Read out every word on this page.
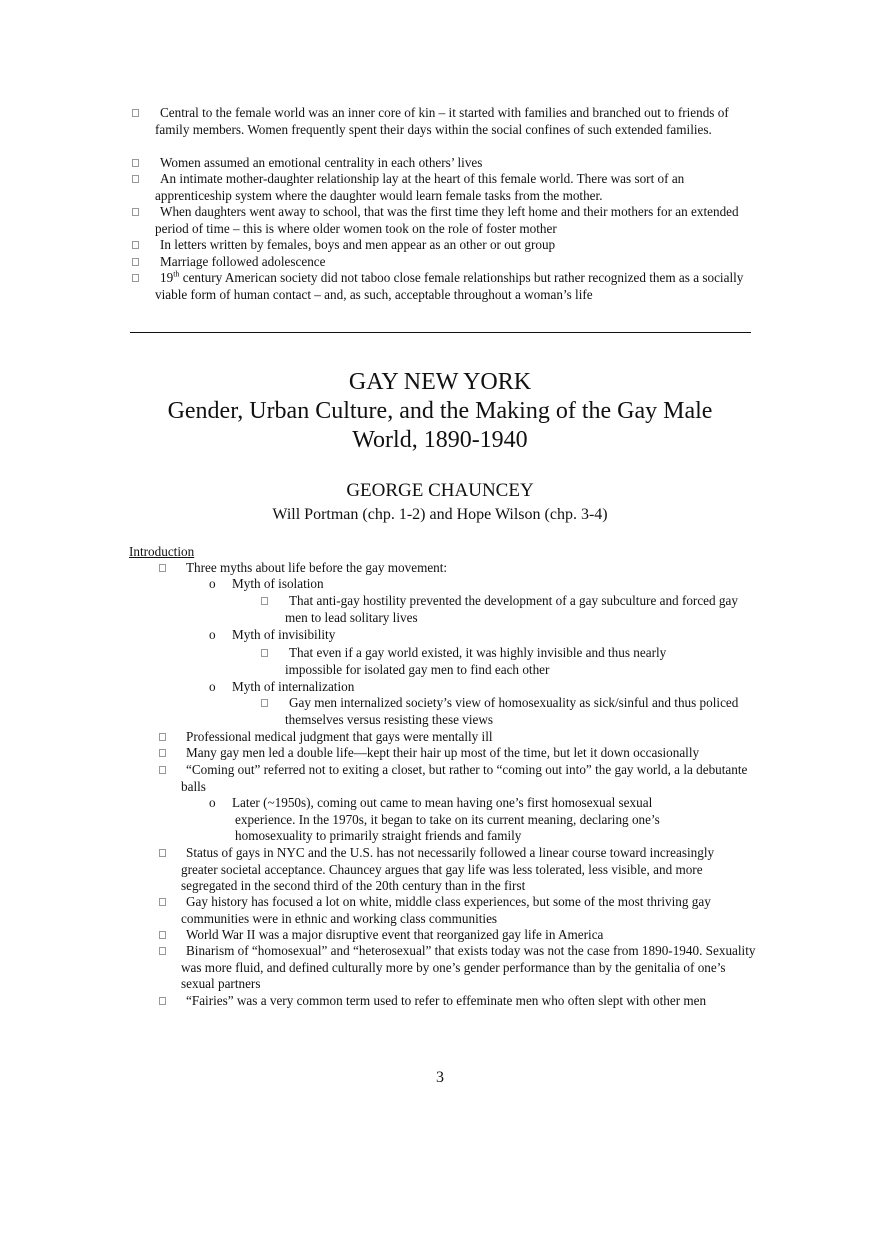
Central to the female world was an inner core of kin – it started with families and branched out to friends of family members. Women frequently spent their days within the social confines of such extended families.
Women assumed an emotional centrality in each others’ lives
An intimate mother-daughter relationship lay at the heart of this female world. There was sort of an apprenticeship system where the daughter would learn female tasks from the mother.
When daughters went away to school, that was the first time they left home and their mothers for an extended period of time – this is where older women took on the role of foster mother
In letters written by females, boys and men appear as an other or out group
Marriage followed adolescence
19th century American society did not taboo close female relationships but rather recognized them as a socially viable form of human contact – and, as such, acceptable throughout a woman’s life
GAY NEW YORK
Gender, Urban Culture, and the Making of the Gay Male
World, 1890-1940
GEORGE CHAUNCEY
Will Portman (chp. 1-2) and Hope Wilson (chp. 3-4)
Introduction
Three myths about life before the gay movement:
o Myth of isolation
That anti-gay hostility prevented the development of a gay subculture and forced gay men to lead solitary lives
o Myth of invisibility
That even if a gay world existed, it was highly invisible and thus nearly impossible for isolated gay men to find each other
o Myth of internalization
Gay men internalized society’s view of homosexuality as sick/sinful and thus policed themselves versus resisting these views
Professional medical judgment that gays were mentally ill
Many gay men led a double life—kept their hair up most of the time, but let it down occasionally
“Coming out” referred not to exiting a closet, but rather to “coming out into” the gay world, a la debutante balls
o Later (~1950s), coming out came to mean having one’s first homosexual sexual experience. In the 1970s, it began to take on its current meaning, declaring one’s homosexuality to primarily straight friends and family
Status of gays in NYC and the U.S. has not necessarily followed a linear course toward increasingly greater societal acceptance. Chauncey argues that gay life was less tolerated, less visible, and more segregated in the second third of the 20th century than in the first
Gay history has focused a lot on white, middle class experiences, but some of the most thriving gay communities were in ethnic and working class communities
World War II was a major disruptive event that reorganized gay life in America
Binarism of “homosexual” and “heterosexual” that exists today was not the case from 1890-1940. Sexuality was more fluid, and defined culturally more by one’s gender performance than by the genitalia of one’s sexual partners
“Fairies” was a very common term used to refer to effeminate men who often slept with other men
3
